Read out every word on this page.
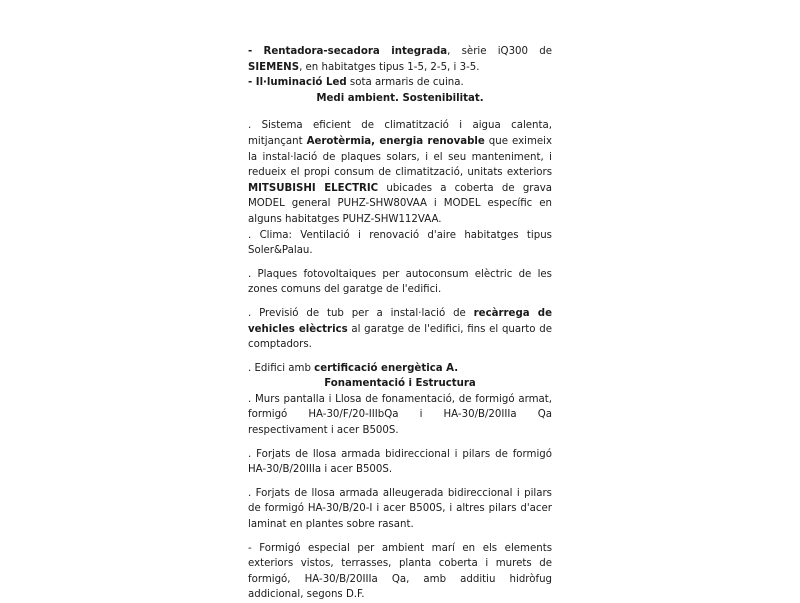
- Rentadora-secadora integrada, sèrie iQ300 de SIEMENS, en habitatges tipus 1-5, 2-5, i 3-5.

- Il·luminació Led sota armaris de cuina.

Medi ambient. Sostenibilitat.

. Sistema eficient de climatització i aigua calenta, mitjançant Aerotèrmia, energia renovable que eximeix la instal·lació de plaques solars, i el seu manteniment, i redueix el propi consum de climatització, unitats exteriors MITSUBISHI ELECTRIC ubicades a coberta de grava MODEL general PUHZ-SHW80VAA i MODEL específic en alguns habitatges PUHZ-SHW112VAA.

. Clima: Ventilació i renovació d'aire habitatges tipus Soler&Palau.

. Plaques fotovoltaiques per autoconsum elèctric de les zones comuns del garatge de l'edifici.

. Previsió de tub per a instal·lació de recàrrega de vehicles elèctrics al garatge de l'edifici, fins el quarto de comptadors.

. Edifici amb certificació energètica A.

Fonamentació i Estructura

. Murs pantalla i Llosa de fonamentació, de formigó armat, formigó HA-30/F/20-IIIbQa i HA-30/B/20IIIa Qa respectivament i acer B500S.

. Forjats de llosa armada bidireccional i pilars de formigó HA-30/B/20IIIa i acer B500S.

. Forjats de llosa armada alleugerada bidireccional i pilars de formigó HA-30/B/20-I i acer B500S, i altres pilars d'acer laminat en plantes sobre rasant.

- Formigó especial per ambient marí en els elements exteriors vistos, terrasses, planta coberta i murets de formigó, HA-30/B/20IIIa Qa, amb additiu hidròfug addicional, segons D.F.
